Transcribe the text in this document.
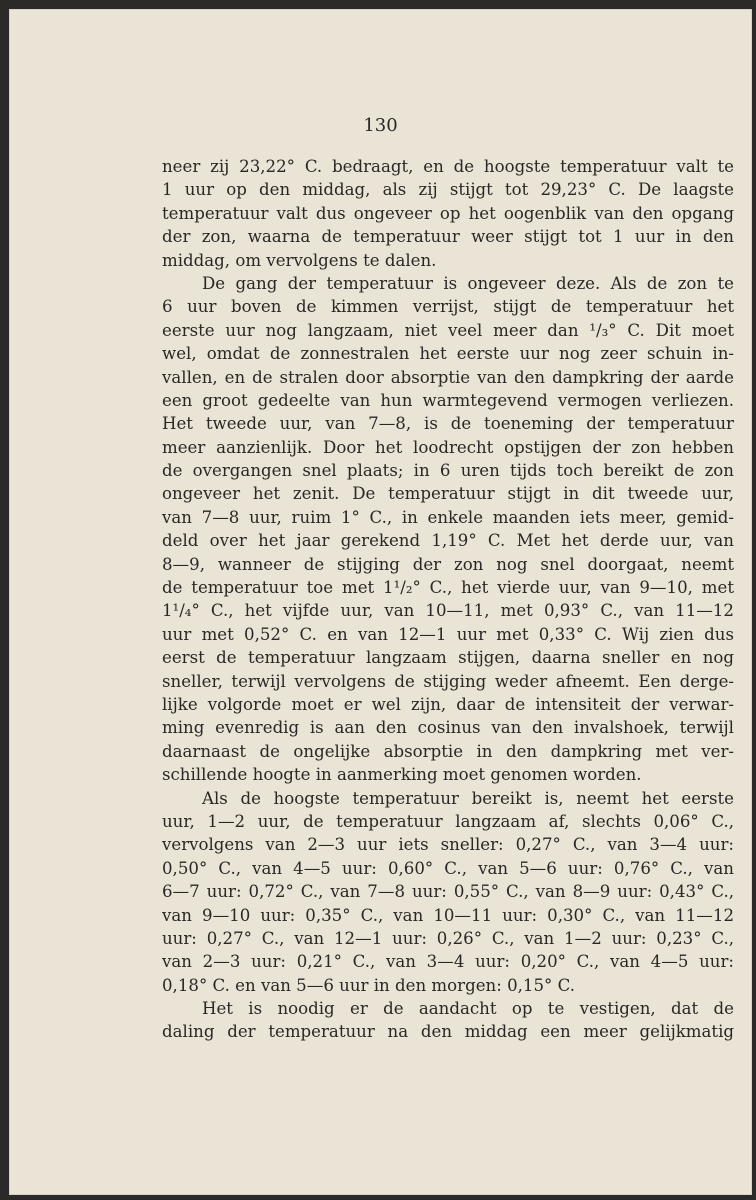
130
neer zij 23,22° C. bedraagt, en de hoogste temperatuur valt te
1 uur op den middag, als zij stijgt tot 29,23° C. De laagste
temperatuur valt dus ongeveer op het oogenblik van den opgang
der zon, waarna de temperatuur weer stijgt tot 1 uur in den
middag, om vervolgens te dalen.
De gang der temperatuur is ongeveer deze. Als de zon te
6 uur boven de kimmen verrijst, stijgt de temperatuur het
eerste uur nog langzaam, niet veel meer dan ¹/₃° C. Dit moet
wel, omdat de zonnestralen het eerste uur nog zeer schuin in-
vallen, en de stralen door absorptie van den dampkring der aarde
een groot gedeelte van hun warmtegevend vermogen verliezen.
Het tweede uur, van 7—8, is de toeneming der temperatuur
meer aanzienlijk. Door het loodrecht opstijgen der zon hebben
de overgangen snel plaats; in 6 uren tijds toch bereikt de zon
ongeveer het zenit. De temperatuur stijgt in dit tweede uur,
van 7—8 uur, ruim 1° C., in enkele maanden iets meer, gemid-
deld over het jaar gerekend 1,19° C. Met het derde uur, van
8—9, wanneer de stijging der zon nog snel doorgaat, neemt
de temperatuur toe met 1¹/₂° C., het vierde uur, van 9—10, met
1¹/₄° C., het vijfde uur, van 10—11, met 0,93° C., van 11—12
uur met 0,52° C. en van 12—1 uur met 0,33° C. Wij zien dus
eerst de temperatuur langzaam stijgen, daarna sneller en nog
sneller, terwijl vervolgens de stijging weder afneemt. Een derge-
lijke volgorde moet er wel zijn, daar de intensiteit der verwar-
ming evenredig is aan den cosinus van den invalshoek, terwijl
daarnaast de ongelijke absorptie in den dampkring met ver-
schillende hoogte in aanmerking moet genomen worden.
Als de hoogste temperatuur bereikt is, neemt het eerste
uur, 1—2 uur, de temperatuur langzaam af, slechts 0,06° C.,
vervolgens van 2—3 uur iets sneller: 0,27° C., van 3—4 uur:
0,50° C., van 4—5 uur: 0,60° C., van 5—6 uur: 0,76° C., van
6—7 uur: 0,72° C., van 7—8 uur: 0,55° C., van 8—9 uur: 0,43° C.,
van 9—10 uur: 0,35° C., van 10—11 uur: 0,30° C., van 11—12
uur: 0,27° C., van 12—1 uur: 0,26° C., van 1—2 uur: 0,23° C.,
van 2—3 uur: 0,21° C., van 3—4 uur: 0,20° C., van 4—5 uur:
0,18° C. en van 5—6 uur in den morgen: 0,15° C.
Het is noodig er de aandacht op te vestigen, dat de
daling der temperatuur na den middag een meer gelijkmatig
